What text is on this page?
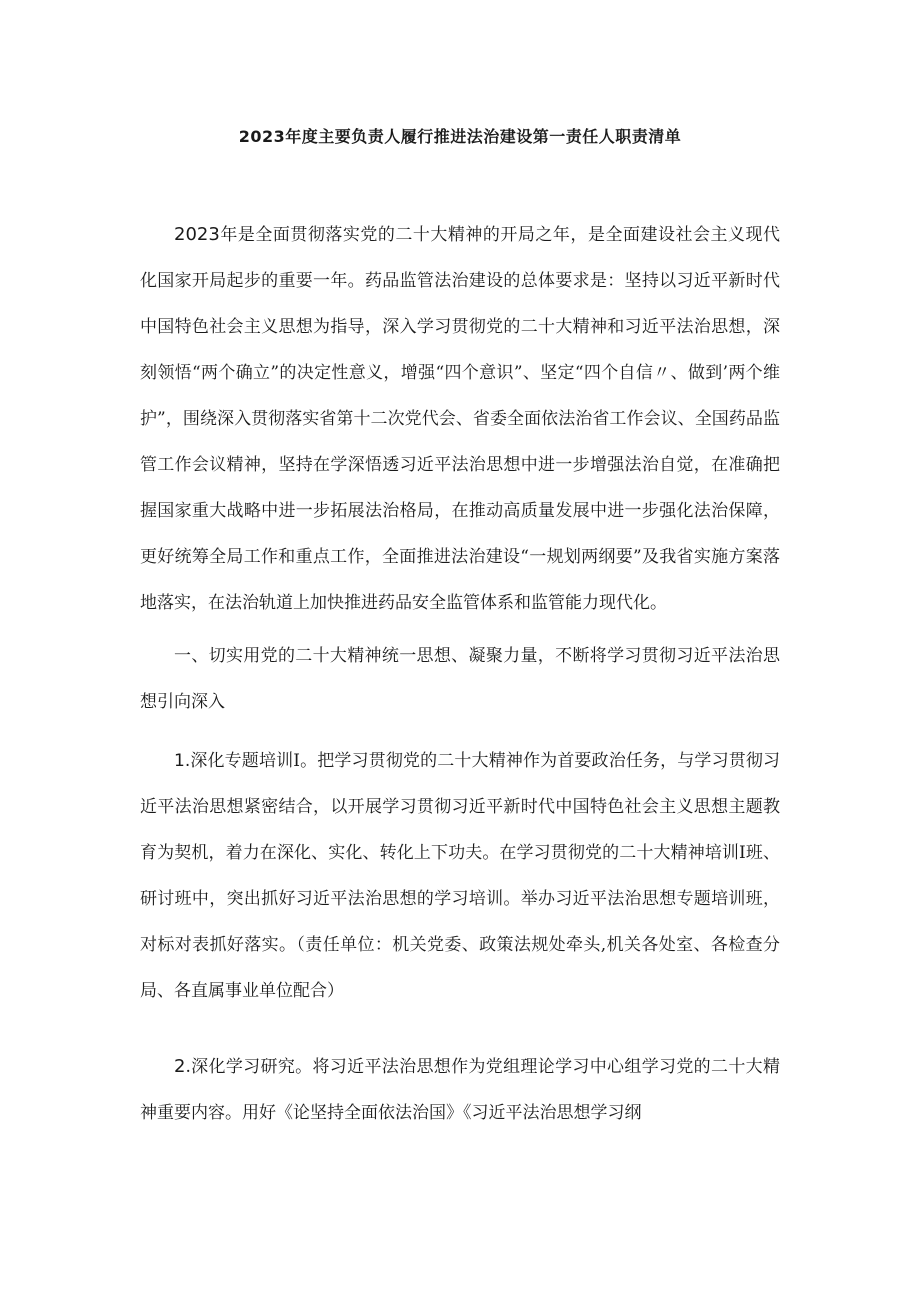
2023年度主要负责人履行推进法治建设第一责任人职责清单

2023年是全面贯彻落实党的二十大精神的开局之年，是全面建设社会主义现代化国家开局起步的重要一年。药品监管法治建设的总体要求是：坚持以习近平新时代中国特色社会主义思想为指导，深入学习贯彻党的二十大精神和习近平法治思想，深刻领悟“两个确立”的决定性意义，增强“四个意识”、坚定“四个自信〃、做到’两个维护”，围绕深入贯彻落实省第十二次党代会、省委全面依法治省工作会议、全国药品监管工作会议精神，坚持在学深悟透习近平法治思想中进一步增强法治自觉，在准确把握国家重大战略中进一步拓展法治格局，在推动高质量发展中进一步强化法治保障，更好统筹全局工作和重点工作，全面推进法治建设“一规划两纲要”及我省实施方案落地落实，在法治轨道上加快推进药品安全监管体系和监管能力现代化。

一、切实用党的二十大精神统一思想、凝聚力量，不断将学习贯彻习近平法治思想引向深入

1.深化专题培训Ⅰ。把学习贯彻党的二十大精神作为首要政治任务，与学习贯彻习近平法治思想紧密结合，以开展学习贯彻习近平新时代中国特色社会主义思想主题教育为契机，着力在深化、实化、转化上下功夫。在学习贯彻党的二十大精神培训Ⅰ班、研讨班中，突出抓好习近平法治思想的学习培训。举办习近平法治思想专题培训班，对标对表抓好落实。（责任单位：机关党委、政策法规处牵头,机关各处室、各检查分局、各直属事业单位配合）

2.深化学习研究。将习近平法治思想作为党组理论学习中心组学习党的二十大精神重要内容。用好《论坚持全面依法治国》《习近平法治思想学习纲
